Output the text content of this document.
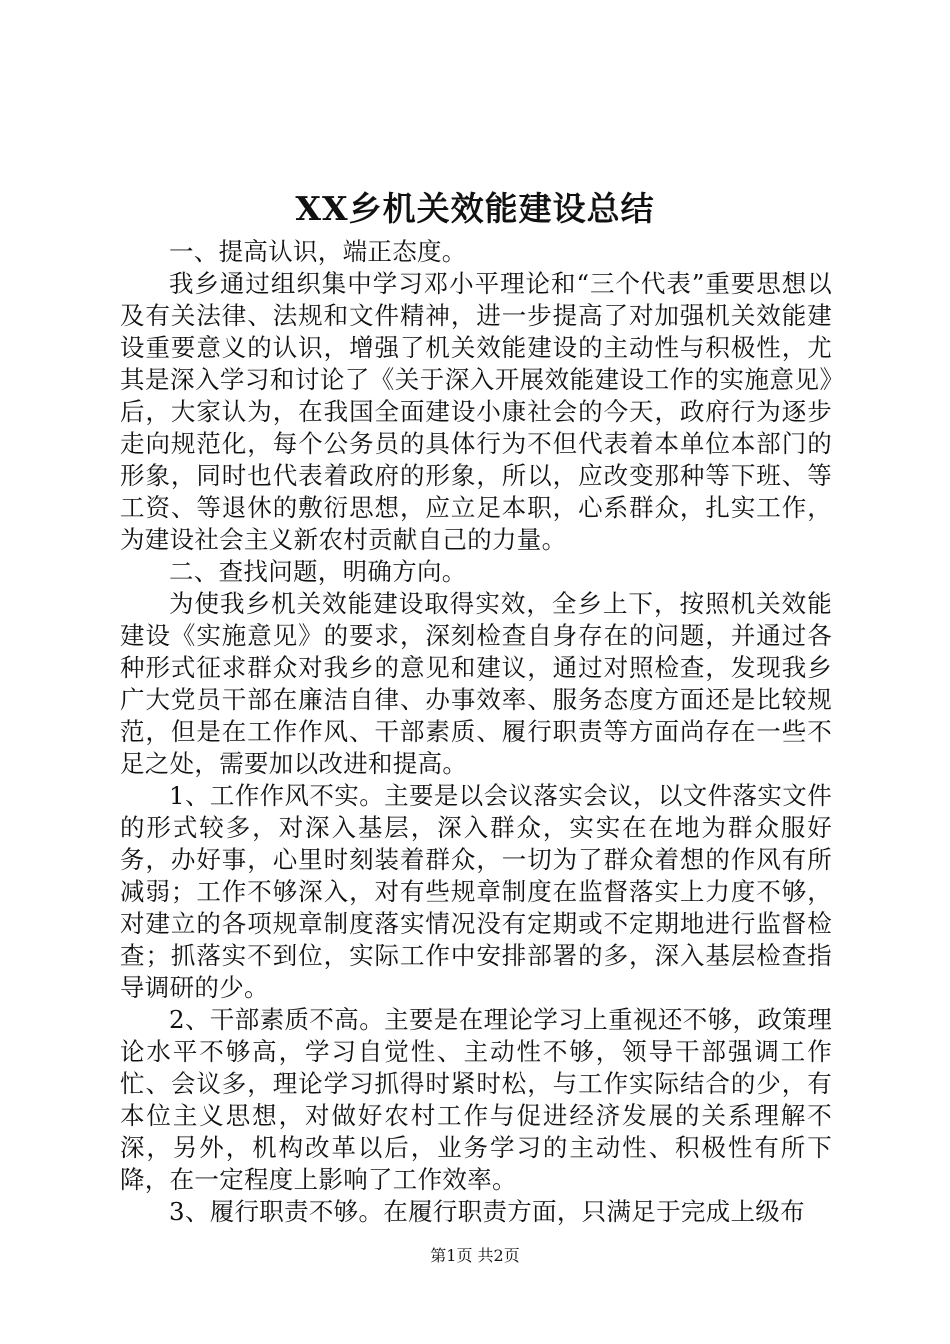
XX乡机关效能建设总结

一、提高认识，端正态度。

我乡通过组织集中学习邓小平理论和“三个代表”重要思想以及有关法律、法规和文件精神，进一步提高了对加强机关效能建设重要意义的认识，增强了机关效能建设的主动性与积极性，尤其是深入学习和讨论了《关于深入开展效能建设工作的实施意见》后，大家认为，在我国全面建设小康社会的今天，政府行为逐步走向规范化，每个公务员的具体行为不但代表着本单位本部门的形象，同时也代表着政府的形象，所以，应改变那种等下班、等工资、等退休的敷衍思想，应立足本职，心系群众，扎实工作，为建设社会主义新农村贡献自己的力量。

二、查找问题，明确方向。

为使我乡机关效能建设取得实效，全乡上下，按照机关效能建设《实施意见》的要求，深刻检查自身存在的问题，并通过各种形式征求群众对我乡的意见和建议，通过对照检查，发现我乡广大党员干部在廉洁自律、办事效率、服务态度方面还是比较规范，但是在工作作风、干部素质、履行职责等方面尚存在一些不足之处，需要加以改进和提高。

1、工作作风不实。主要是以会议落实会议，以文件落实文件的形式较多，对深入基层，深入群众，实实在在地为群众服好务，办好事，心里时刻装着群众，一切为了群众着想的作风有所减弱；工作不够深入，对有些规章制度在监督落实上力度不够，对建立的各项规章制度落实情况没有定期或不定期地进行监督检查；抓落实不到位，实际工作中安排部署的多，深入基层检查指导调研的少。

2、干部素质不高。主要是在理论学习上重视还不够，政策理论水平不够高，学习自觉性、主动性不够，领导干部强调工作忙、会议多，理论学习抓得时紧时松，与工作实际结合的少，有本位主义思想，对做好农村工作与促进经济发展的关系理解不深，另外，机构改革以后，业务学习的主动性、积极性有所下降，在一定程度上影响了工作效率。

3、履行职责不够。在履行职责方面，只满足于完成上级布

第1页 共2页
